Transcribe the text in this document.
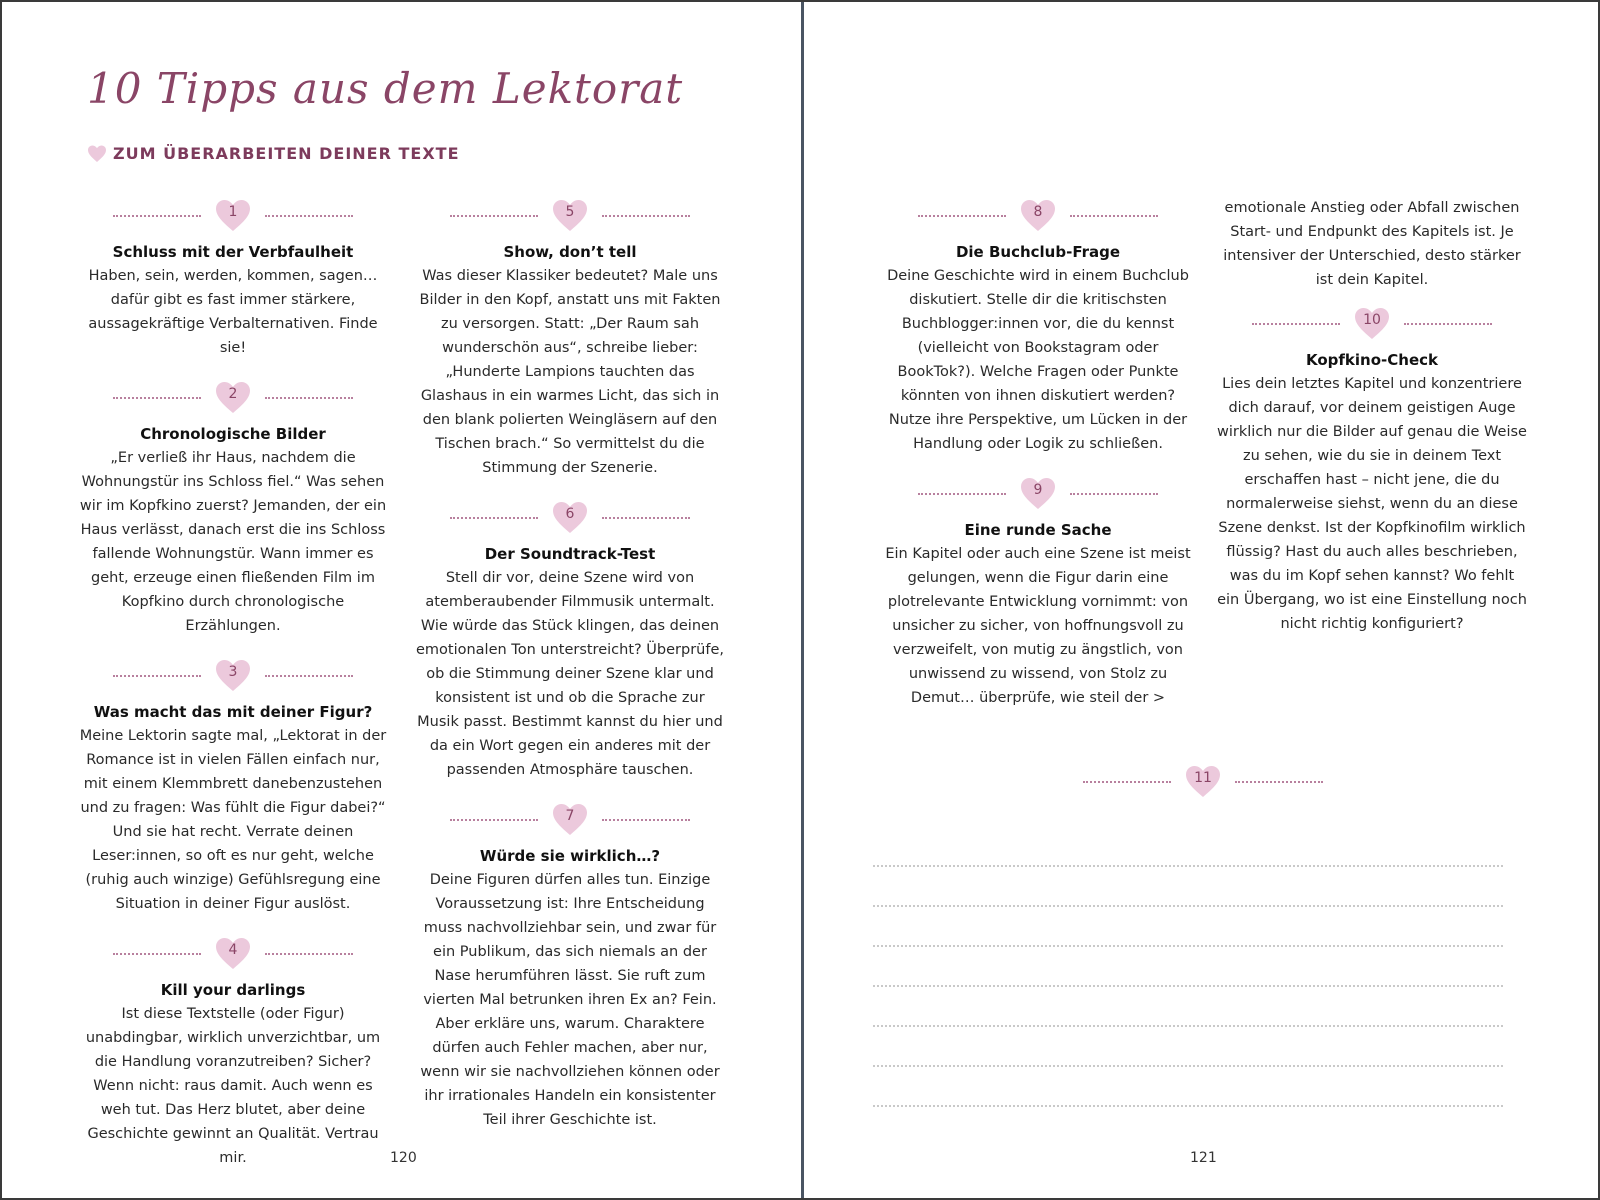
10 Tipps aus dem Lektorat
ZUM ÜBERARBEITEN DEINER TEXTE
1
Schluss mit der Verbfaulheit
Haben, sein, werden, kommen, sagen… dafür gibt es fast immer stärkere, aussagekräftige Verbalternativen. Finde sie!
2
Chronologische Bilder
„Er verließ ihr Haus, nachdem die Wohnungstür ins Schloss fiel.“ Was sehen wir im Kopfkino zuerst? Jemanden, der ein Haus verlässt, danach erst die ins Schloss fallende Wohnungstür. Wann immer es geht, erzeuge einen fließenden Film im Kopfkino durch chronologische Erzählungen.
3
Was macht das mit deiner Figur?
Meine Lektorin sagte mal, „Lektorat in der Romance ist in vielen Fällen einfach nur, mit einem Klemmbrett danebenzustehen und zu fragen: Was fühlt die Figur dabei?“ Und sie hat recht. Verrate deinen Leser:innen, so oft es nur geht, welche (ruhig auch winzige) Gefühlsregung eine Situation in deiner Figur auslöst.
4
Kill your darlings
Ist diese Textstelle (oder Figur) unabdingbar, wirklich unverzichtbar, um die Handlung voranzutreiben? Sicher? Wenn nicht: raus damit. Auch wenn es weh tut. Das Herz blutet, aber deine Geschichte gewinnt an Qualität. Vertrau mir.
5
Show, don’t tell
Was dieser Klassiker bedeutet? Male uns Bilder in den Kopf, anstatt uns mit Fakten zu versorgen. Statt: „Der Raum sah wunderschön aus“, schreibe lieber: „Hunderte Lampions tauchten das Glashaus in ein warmes Licht, das sich in den blank polierten Weingläsern auf den Tischen brach.“ So vermittelst du die Stimmung der Szenerie.
6
Der Soundtrack-Test
Stell dir vor, deine Szene wird von atemberaubender Filmmusik untermalt. Wie würde das Stück klingen, das deinen emotionalen Ton unterstreicht? Überprüfe, ob die Stimmung deiner Szene klar und konsistent ist und ob die Sprache zur Musik passt. Bestimmt kannst du hier und da ein Wort gegen ein anderes mit der passenden Atmosphäre tauschen.
7
Würde sie wirklich…?
Deine Figuren dürfen alles tun. Einzige Voraussetzung ist: Ihre Entscheidung muss nachvollziehbar sein, und zwar für ein Publikum, das sich niemals an der Nase herumführen lässt. Sie ruft zum vierten Mal betrunken ihren Ex an? Fein. Aber erkläre uns, warum. Charaktere dürfen auch Fehler machen, aber nur, wenn wir sie nachvollziehen können oder ihr irrationales Handeln ein konsistenter Teil ihrer Geschichte ist.
120
8
Die Buchclub-Frage
Deine Geschichte wird in einem Buchclub diskutiert. Stelle dir die kritischsten Buchblogger:innen vor, die du kennst (vielleicht von Bookstagram oder BookTok?). Welche Fragen oder Punkte könnten von ihnen diskutiert werden? Nutze ihre Perspektive, um Lücken in der Handlung oder Logik zu schließen.
9
Eine runde Sache
Ein Kapitel oder auch eine Szene ist meist gelungen, wenn die Figur darin eine plotrelevante Entwicklung vornimmt: von unsicher zu sicher, von hoffnungsvoll zu verzweifelt, von mutig zu ängstlich, von unwissend zu wissend, von Stolz zu Demut… überprüfe, wie steil der >
emotionale Anstieg oder Abfall zwischen Start- und Endpunkt des Kapitels ist. Je intensiver der Unterschied, desto stärker ist dein Kapitel.
10
Kopfkino-Check
Lies dein letztes Kapitel und konzentriere dich darauf, vor deinem geistigen Auge wirklich nur die Bilder auf genau die Weise zu sehen, wie du sie in deinem Text erschaffen hast – nicht jene, die du normalerweise siehst, wenn du an diese Szene denkst. Ist der Kopfkinofilm wirklich flüssig? Hast du auch alles beschrieben, was du im Kopf sehen kannst? Wo fehlt ein Übergang, wo ist eine Einstellung noch nicht richtig konfiguriert?
11
121
